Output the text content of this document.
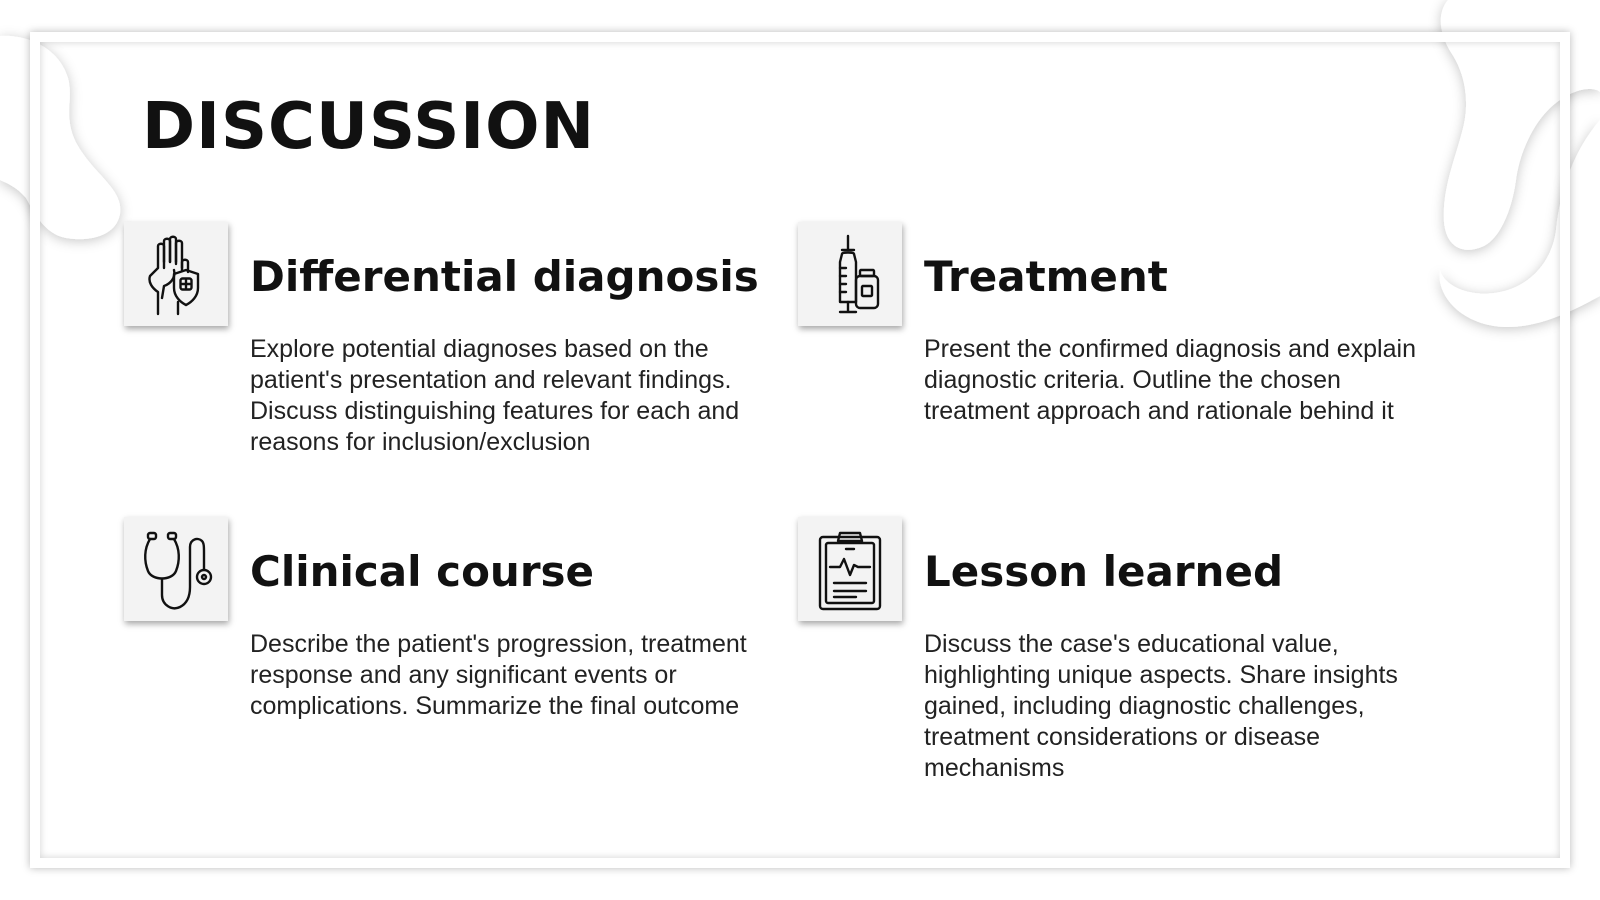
DISCUSSION
Differential diagnosis

Explore potential diagnoses based on the patient's presentation and relevant findings. Discuss distinguishing features for each and reasons for inclusion/exclusion

Treatment

Present the confirmed diagnosis and explain diagnostic criteria. Outline the chosen treatment approach and rationale behind it

Clinical course

Describe the patient's progression, treatment response and any significant events or complications. Summarize the final outcome

Lesson learned

Discuss the case's educational value, highlighting unique aspects. Share insights gained, including diagnostic challenges, treatment considerations or disease mechanisms
